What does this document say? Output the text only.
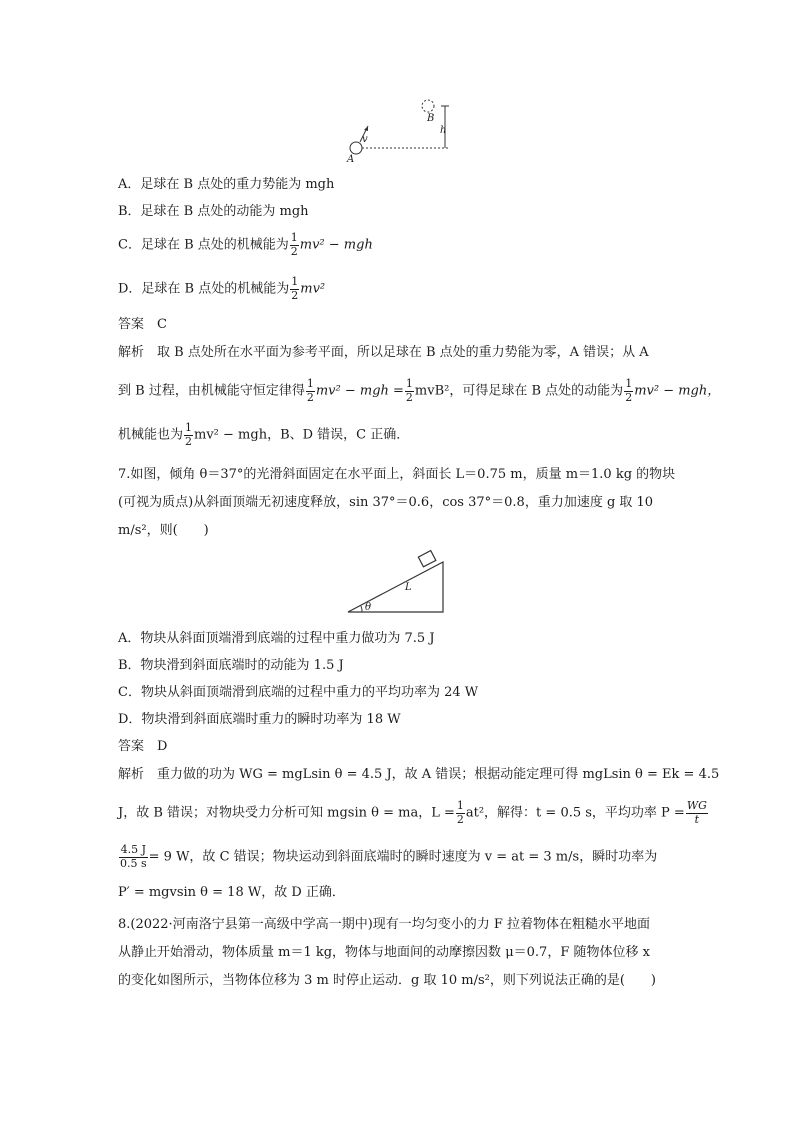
B
v
h
A
A．足球在 B 点处的重力势能为 mgh
B．足球在 B 点处的动能为 mgh
C．足球在 B 点处的机械能为 $\frac{1}{2} mv^2$ − mgh
D．足球在 B 点处的机械能为 $\frac{1}{2} mv^2$
答案　C
解析　取 B 点处所在水平面为参考平面，所以足球在 B 点处的重力势能为零，A 错误；从 A
到 B 过程，由机械能守恒定律得 $\frac{1}{2} mv^2$ − mgh = $\frac{1}{2} mvB^2$，可得足球在 B 点处的动能为 $\frac{1}{2} mv^2$ − mgh，
机械能也为 $\frac{1}{2} mv^2$ − mgh，B、D 错误，C 正确．
7.如图，倾角 θ＝37°的光滑斜面固定在水平面上，斜面长 L＝0.75 m，质量 m＝1.0 kg 的物块
(可视为质点)从斜面顶端无初速度释放，sin 37°＝0.6，cos 37°＝0.8，重力加速度 g 取 10
m/s²，则(　　)
L
θ
A．物块从斜面顶端滑到底端的过程中重力做功为 7.5 J
B．物块滑到斜面底端时的动能为 1.5 J
C．物块从斜面顶端滑到底端的过程中重力的平均功率为 24 W
D．物块滑到斜面底端时重力的瞬时功率为 18 W
答案　D
解析　重力做的功为 WG = mgLsin θ = 4.5 J，故 A 错误；根据动能定理可得 mgLsin θ = Ek = 4.5
J，故 B 错误；对物块受力分析可知 mgsin θ = ma，$L = \frac{1}{2} at^2$，解得：t = 0.5 s，平均功率 $P = \frac{WG}{t}$
$\frac{4.5 J}{0.5 s} = 9$ W，故 C 错误；物块运动到斜面底端时的瞬时速度为 v = at = 3 m/s，瞬时功率为
P′ = mgvsin θ = 18 W，故 D 正确．
8.(2022·河南洛宁县第一高级中学高一期中)现有一均匀变小的力 F 拉着物体在粗糙水平地面
从静止开始滑动，物体质量 m＝1 kg，物体与地面间的动摩擦因数 μ＝0.7，F 随物体位移 x
的变化如图所示，当物体位移为 3 m 时停止运动．g 取 10 m/s²，则下列说法正确的是(　　)
